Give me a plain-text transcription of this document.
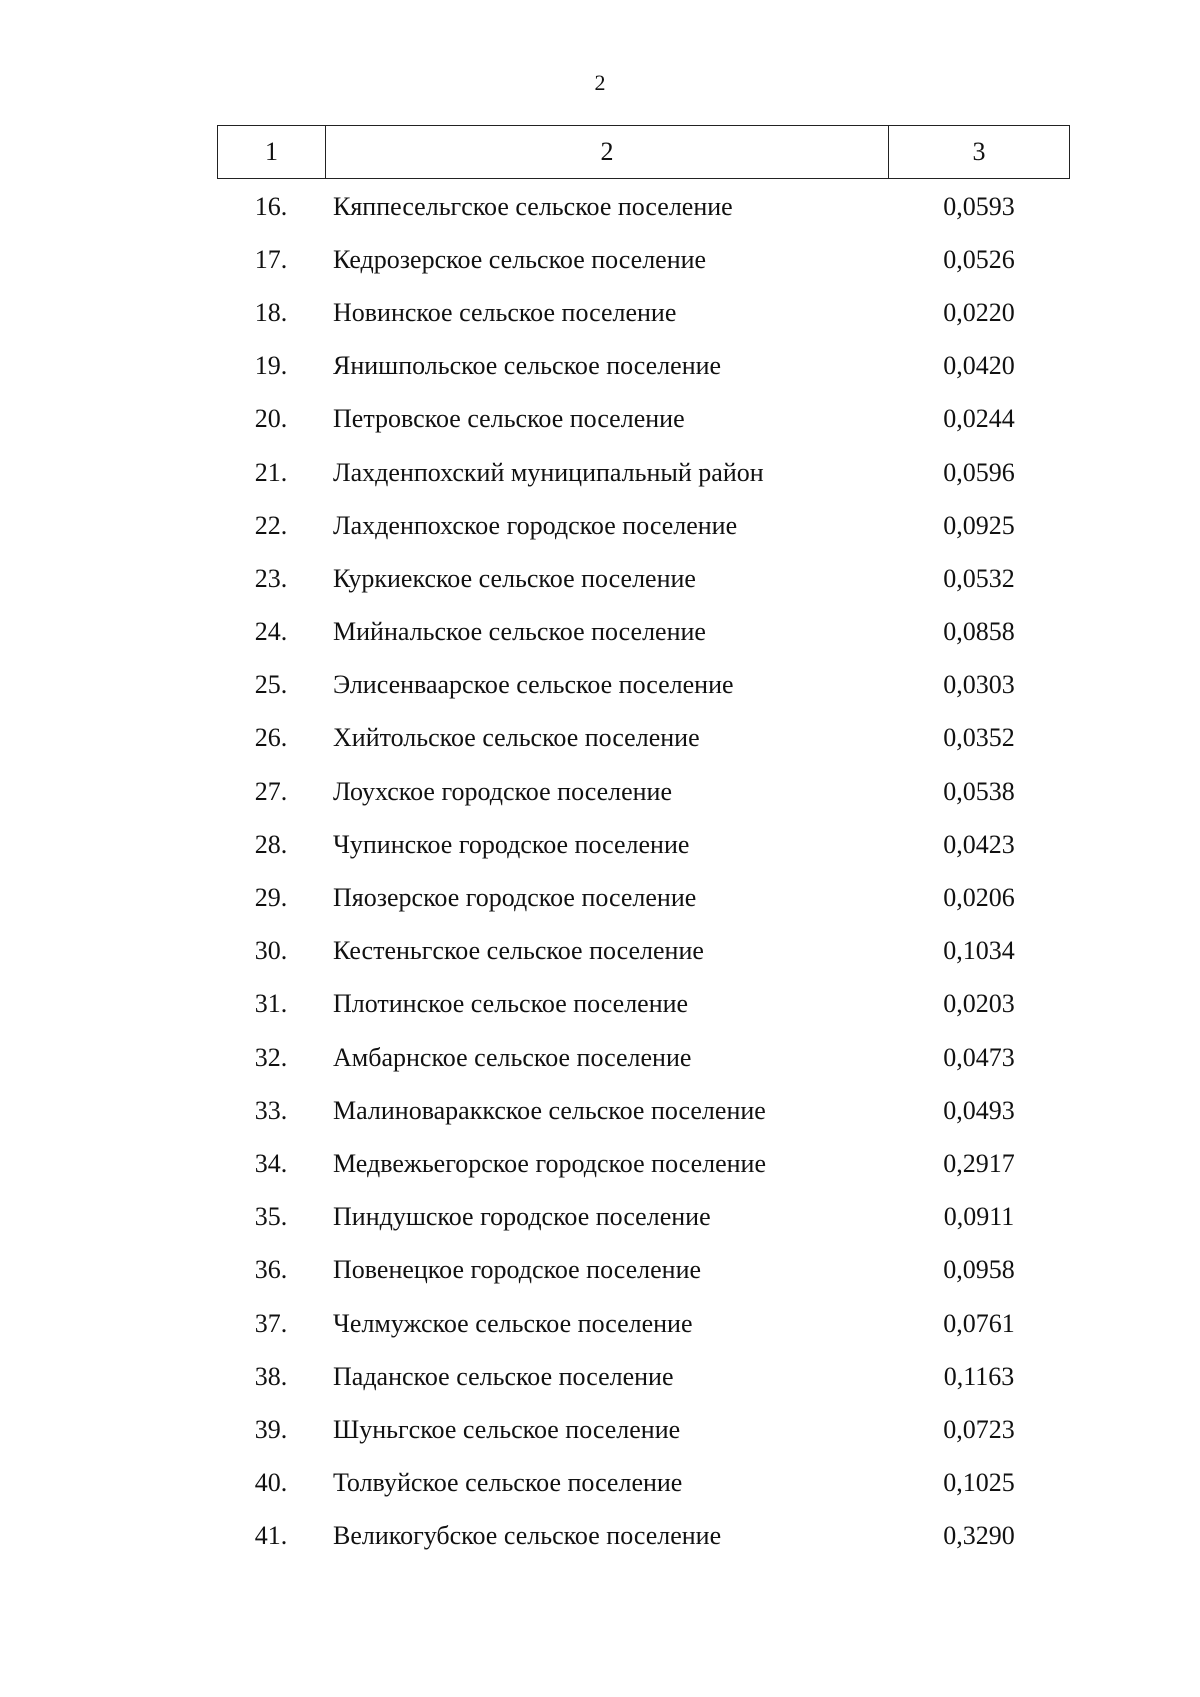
2
1	2	3
16.	Кяппесельгское сельское поселение	0,0593
17.	Кедрозерское сельское поселение	0,0526
18.	Новинское сельское поселение	0,0220
19.	Янишпольское сельское поселение	0,0420
20.	Петровское сельское поселение	0,0244
21.	Лахденпохский муниципальный район	0,0596
22.	Лахденпохское городское поселение	0,0925
23.	Куркиекское сельское поселение	0,0532
24.	Мийнальское сельское поселение	0,0858
25.	Элисенваарское сельское поселение	0,0303
26.	Хийтольское сельское поселение	0,0352
27.	Лоухское городское поселение	0,0538
28.	Чупинское городское поселение	0,0423
29.	Пяозерское городское поселение	0,0206
30.	Кестеньгское сельское поселение	0,1034
31.	Плотинское сельское поселение	0,0203
32.	Амбарнское сельское поселение	0,0473
33.	Малиновараккское сельское поселение	0,0493
34.	Медвежьегорское городское поселение	0,2917
35.	Пиндушское городское поселение	0,0911
36.	Повенецкое городское поселение	0,0958
37.	Челмужское сельское поселение	0,0761
38.	Паданское сельское поселение	0,1163
39.	Шуньгское сельское поселение	0,0723
40.	Толвуйское сельское поселение	0,1025
41.	Великогубское сельское поселение	0,3290
